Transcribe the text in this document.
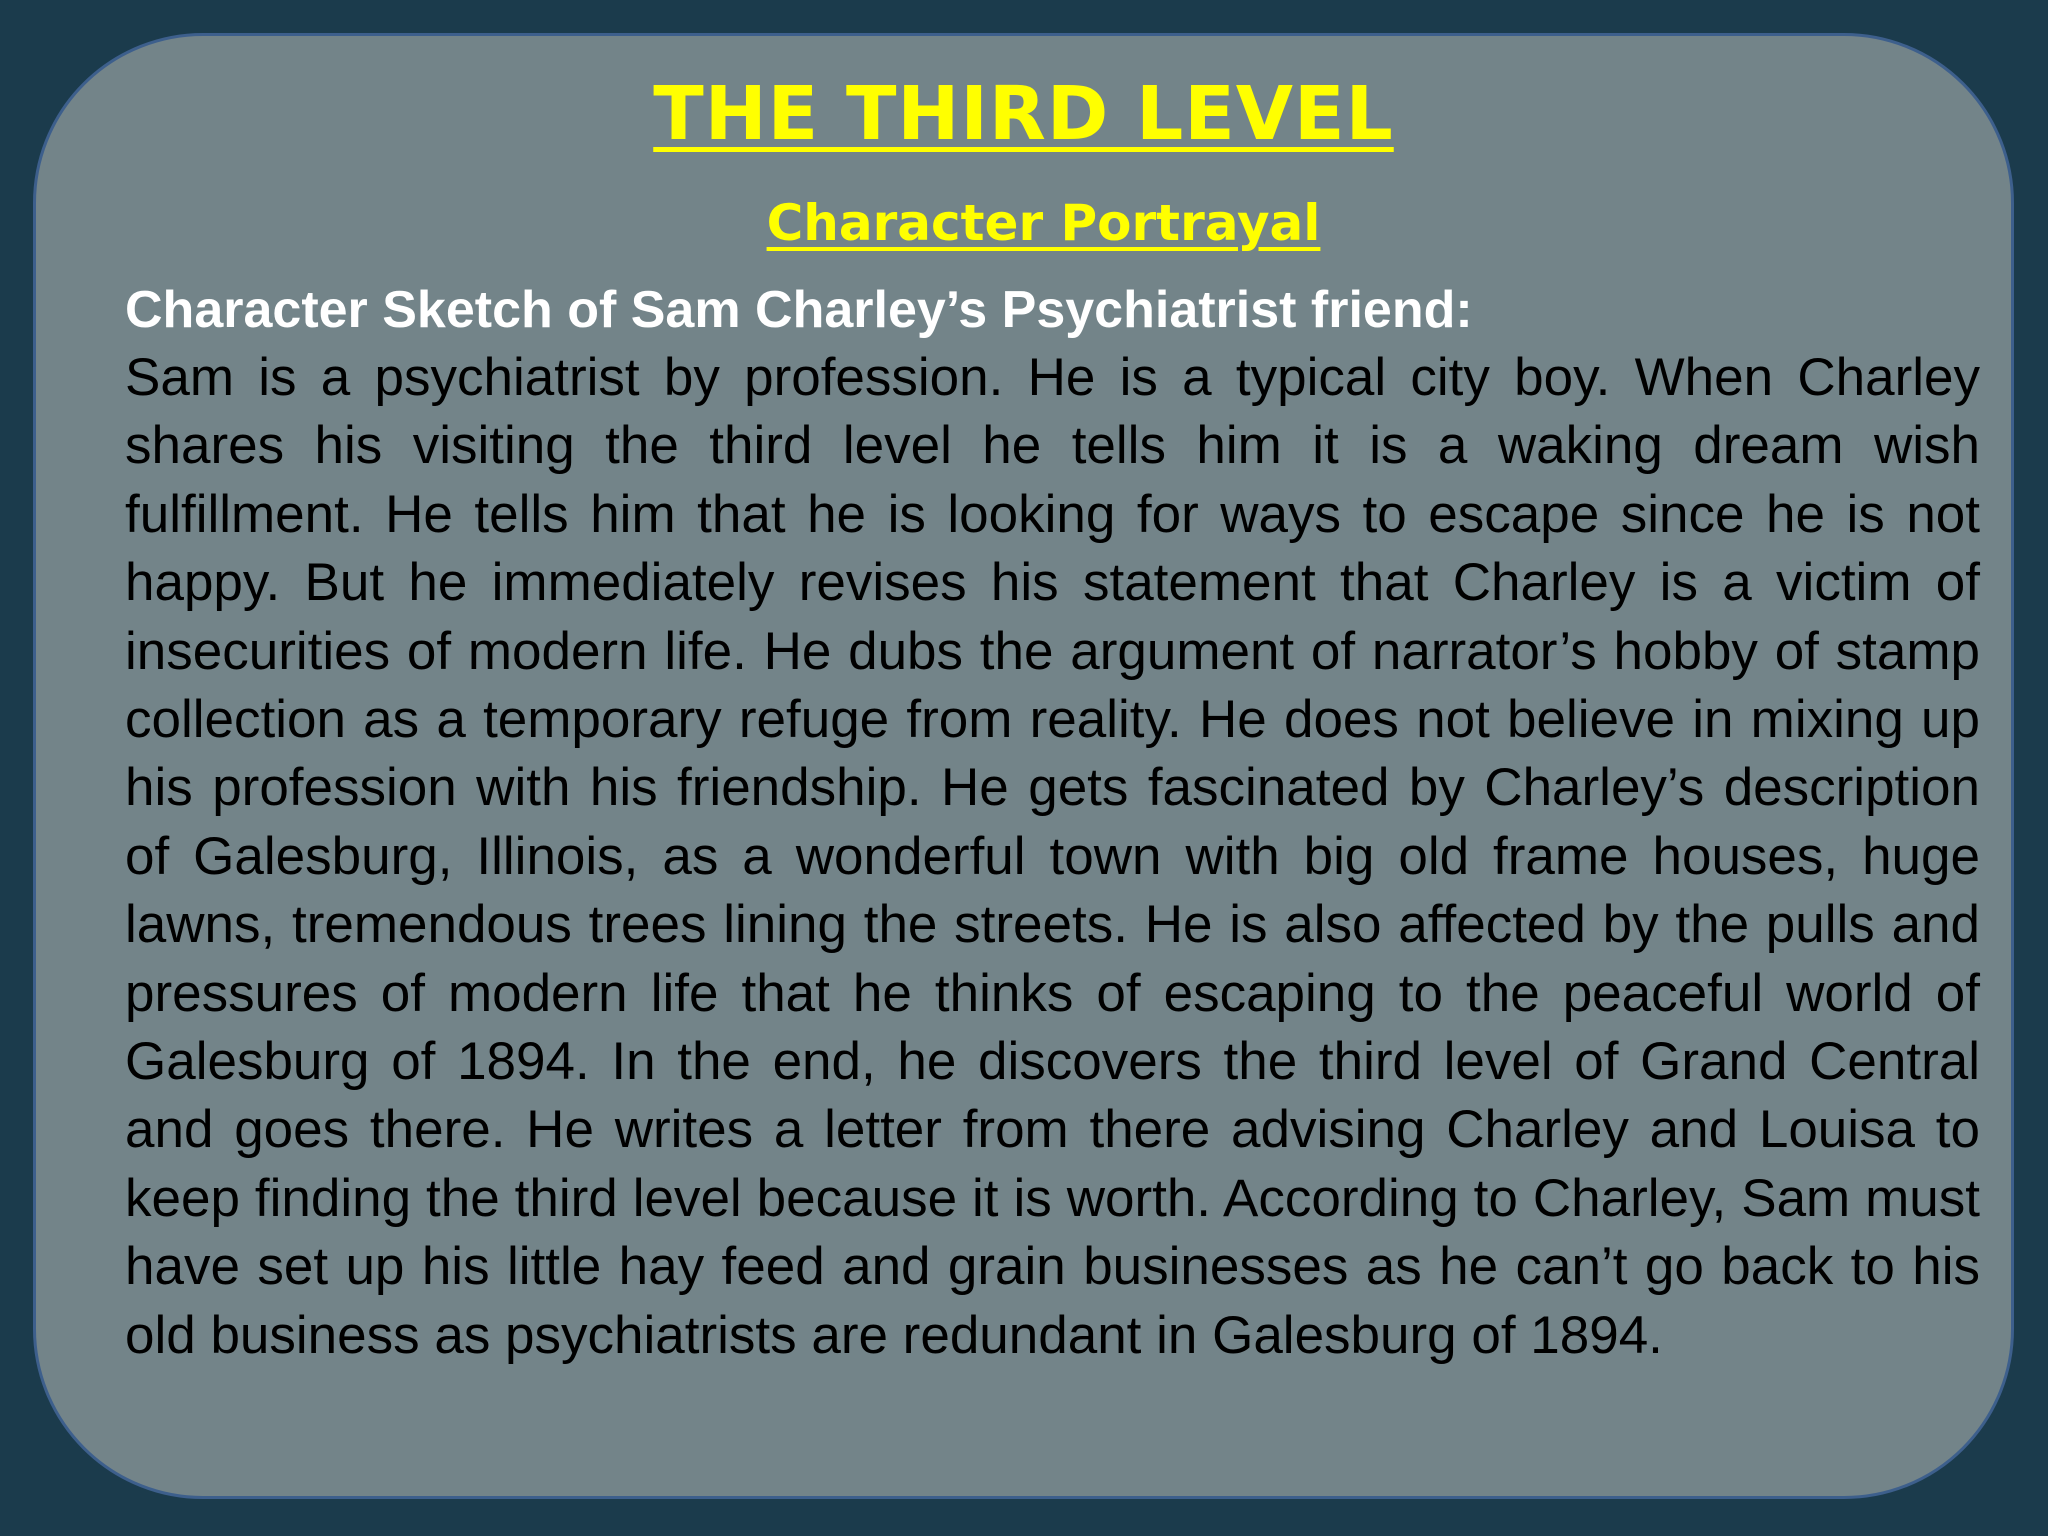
THE THIRD LEVEL
Character Portrayal

Character Sketch of Sam Charley’s Psychiatrist friend:

Sam is a psychiatrist by profession. He is a typical city boy. When Charley shares his visiting the third level he tells him it is a waking dream wish fulfillment. He tells him that he is looking for ways to escape since he is not happy. But he immediately revises his statement that Charley is a victim of insecurities of modern life. He dubs the argument of narrator’s hobby of stamp collection as a temporary refuge from reality. He does not believe in mixing up his profession with his friendship. He gets fascinated by Charley’s description of Galesburg, Illinois, as a wonderful town with big old frame houses, huge lawns, tremendous trees lining the streets. He is also affected by the pulls and pressures of modern life that he thinks of escaping to the peaceful world of Galesburg of 1894. In the end, he discovers the third level of Grand Central and goes there. He writes a letter from there advising Charley and Louisa to keep finding the third level because it is worth. According to Charley, Sam must have set up his little hay feed and grain businesses as he can’t go back to his old business as psychiatrists are redundant in Galesburg of 1894.
